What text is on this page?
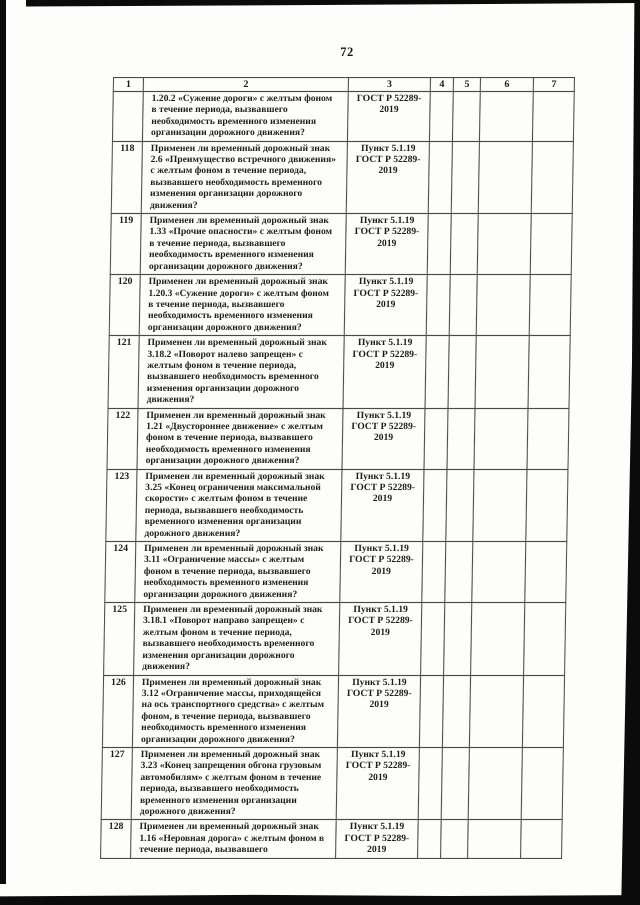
72
1	2	3	4	5	6	7
	1.20.2 «Сужение дороги» с желтым фоном в течение периода, вызвавшего необходимость временного изменения организации дорожного движения?	ГОСТ Р 52289-2019				
118	Применен ли временный дорожный знак 2.6 «Преимущество встречного движения» с желтым фоном в течение периода, вызвавшего необходимость временного изменения организации дорожного движения?	Пункт 5.1.19 ГОСТ Р 52289-2019				
119	Применен ли временный дорожный знак 1.33 «Прочие опасности» с желтым фоном в течение периода, вызвавшего необходимость временного изменения организации дорожного движения?	Пункт 5.1.19 ГОСТ Р 52289-2019				
120	Применен ли временный дорожный знак 1.20.3 «Сужение дороги» с желтым фоном в течение периода, вызвавшего необходимость временного изменения организации дорожного движения?	Пункт 5.1.19 ГОСТ Р 52289-2019				
121	Применен ли временный дорожный знак 3.18.2 «Поворот налево запрещен» с желтым фоном в течение периода, вызвавшего необходимость временного изменения организации дорожного движения?	Пункт 5.1.19 ГОСТ Р 52289-2019				
122	Применен ли временный дорожный знак 1.21 «Двустороннее движение» с желтым фоном в течение периода, вызвавшего необходимость временного изменения организации дорожного движения?	Пункт 5.1.19 ГОСТ Р 52289-2019				
123	Применен ли временный дорожный знак 3.25 «Конец ограничения максимальной скорости» с желтым фоном в течение периода, вызвавшего необходимость временного изменения организации дорожного движения?	Пункт 5.1.19 ГОСТ Р 52289-2019				
124	Применен ли временный дорожный знак 3.11 «Ограничение массы» с желтым фоном в течение периода, вызвавшего необходимость временного изменения организации дорожного движения?	Пункт 5.1.19 ГОСТ Р 52289-2019				
125	Применен ли временный дорожный знак 3.18.1 «Поворот направо запрещен» с желтым фоном в течение периода, вызвавшего необходимость временного изменения организации дорожного движения?	Пункт 5.1.19 ГОСТ Р 52289-2019				
126	Применен ли временный дорожный знак 3.12 «Ограничение массы, приходящейся на ось транспортного средства» с желтым фоном, в течение периода, вызвавшего необходимость временного изменения организации дорожного движения?	Пункт 5.1.19 ГОСТ Р 52289-2019				
127	Применен ли временный дорожный знак 3.23 «Конец запрещения обгона грузовым автомобилям» с желтым фоном в течение периода, вызвавшего необходимость временного изменения организации дорожного движения?	Пункт 5.1.19 ГОСТ Р 52289-2019				
128	Применен ли временный дорожный знак 1.16 «Неровная дорога» с желтым фоном в течение периода, вызвавшего	Пункт 5.1.19 ГОСТ Р 52289-2019				
